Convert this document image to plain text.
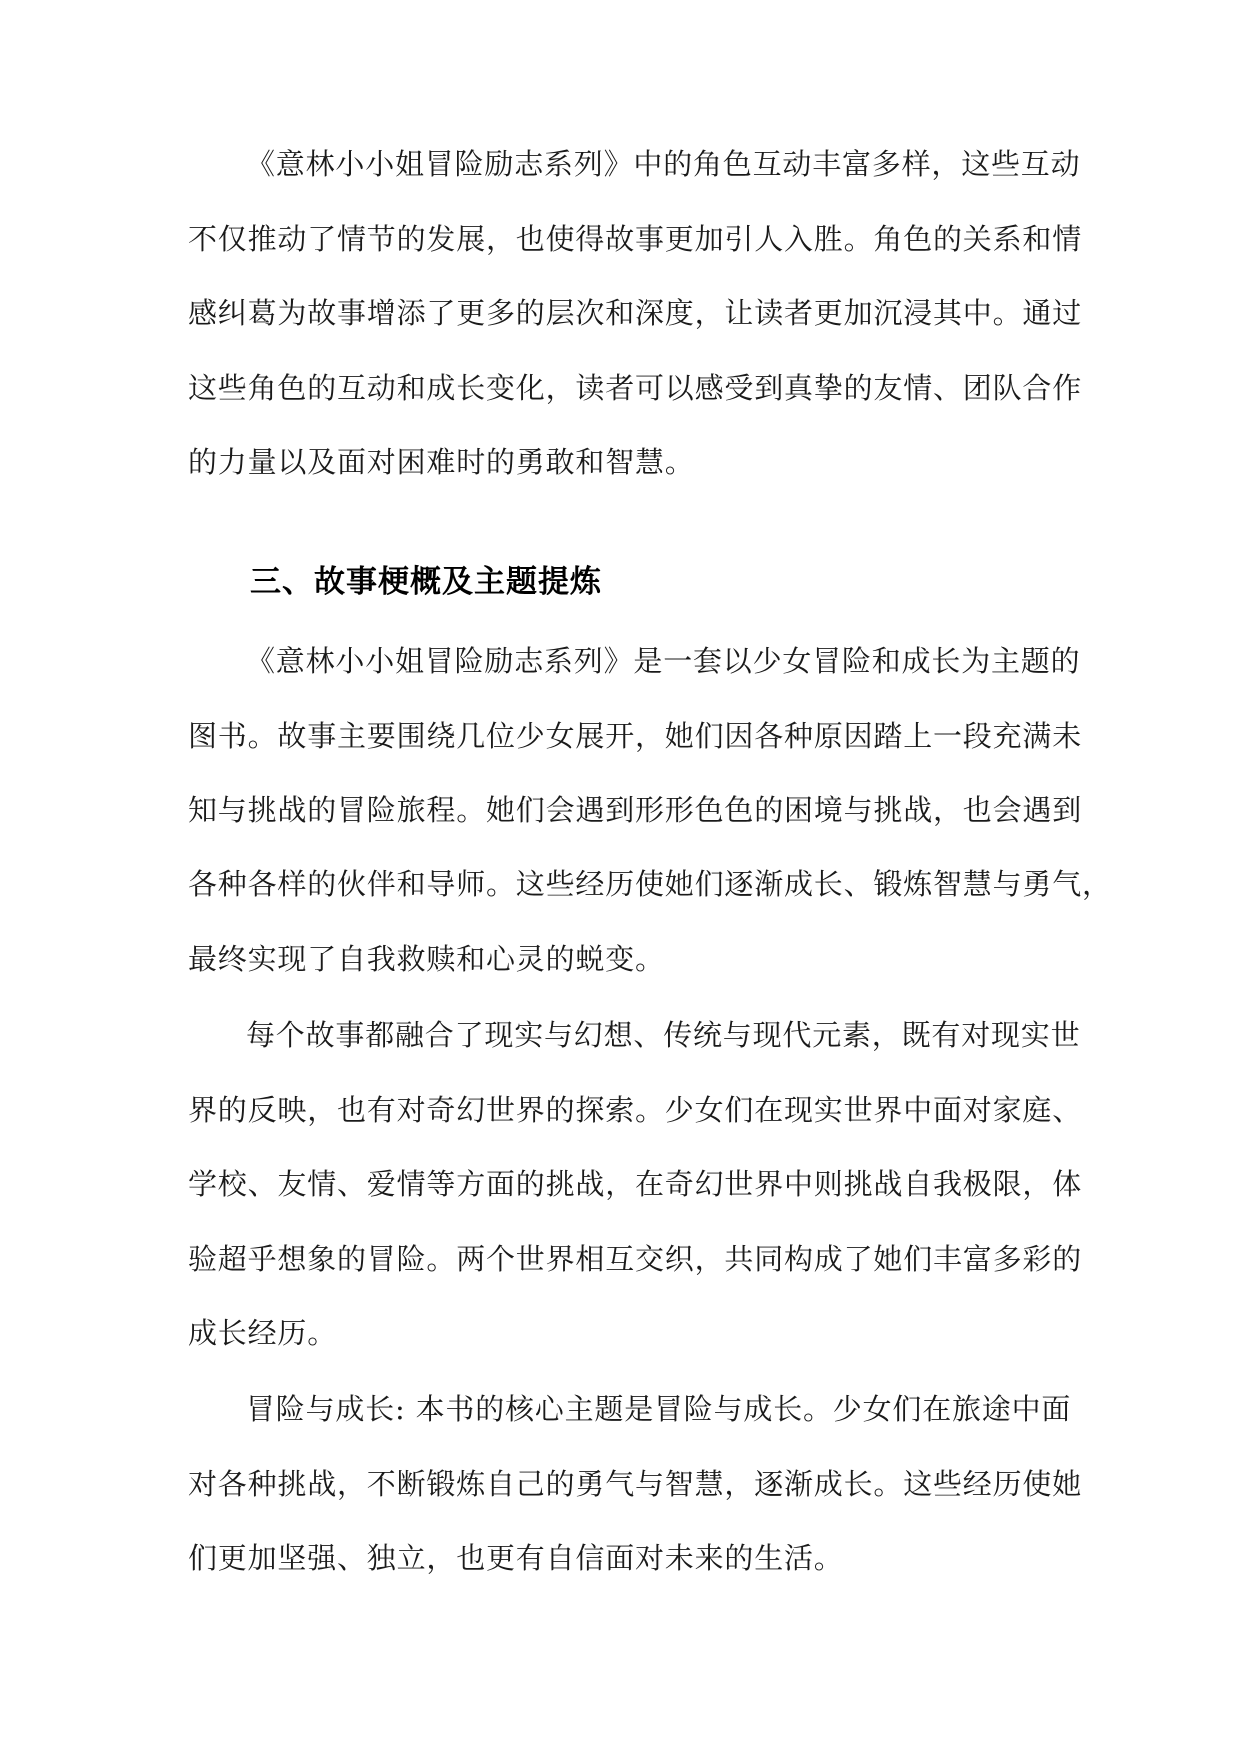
《意林小小姐冒险励志系列》中的角色互动丰富多样，这些互动

不仅推动了情节的发展，也使得故事更加引人入胜。角色的关系和情

感纠葛为故事增添了更多的层次和深度，让读者更加沉浸其中。通过

这些角色的互动和成长变化，读者可以感受到真挚的友情、团队合作

的力量以及面对困难时的勇敢和智慧。

三、故事梗概及主题提炼

《意林小小姐冒险励志系列》是一套以少女冒险和成长为主题的

图书。故事主要围绕几位少女展开，她们因各种原因踏上一段充满未

知与挑战的冒险旅程。她们会遇到形形色色的困境与挑战，也会遇到

各种各样的伙伴和导师。这些经历使她们逐渐成长、锻炼智慧与勇气，

最终实现了自我救赎和心灵的蜕变。

每个故事都融合了现实与幻想、传统与现代元素，既有对现实世

界的反映，也有对奇幻世界的探索。少女们在现实世界中面对家庭、

学校、友情、爱情等方面的挑战，在奇幻世界中则挑战自我极限，体

验超乎想象的冒险。两个世界相互交织，共同构成了她们丰富多彩的

成长经历。

冒险与成长: 本书的核心主题是冒险与成长。少女们在旅途中面

对各种挑战，不断锻炼自己的勇气与智慧，逐渐成长。这些经历使她

们更加坚强、独立，也更有自信面对未来的生活。
